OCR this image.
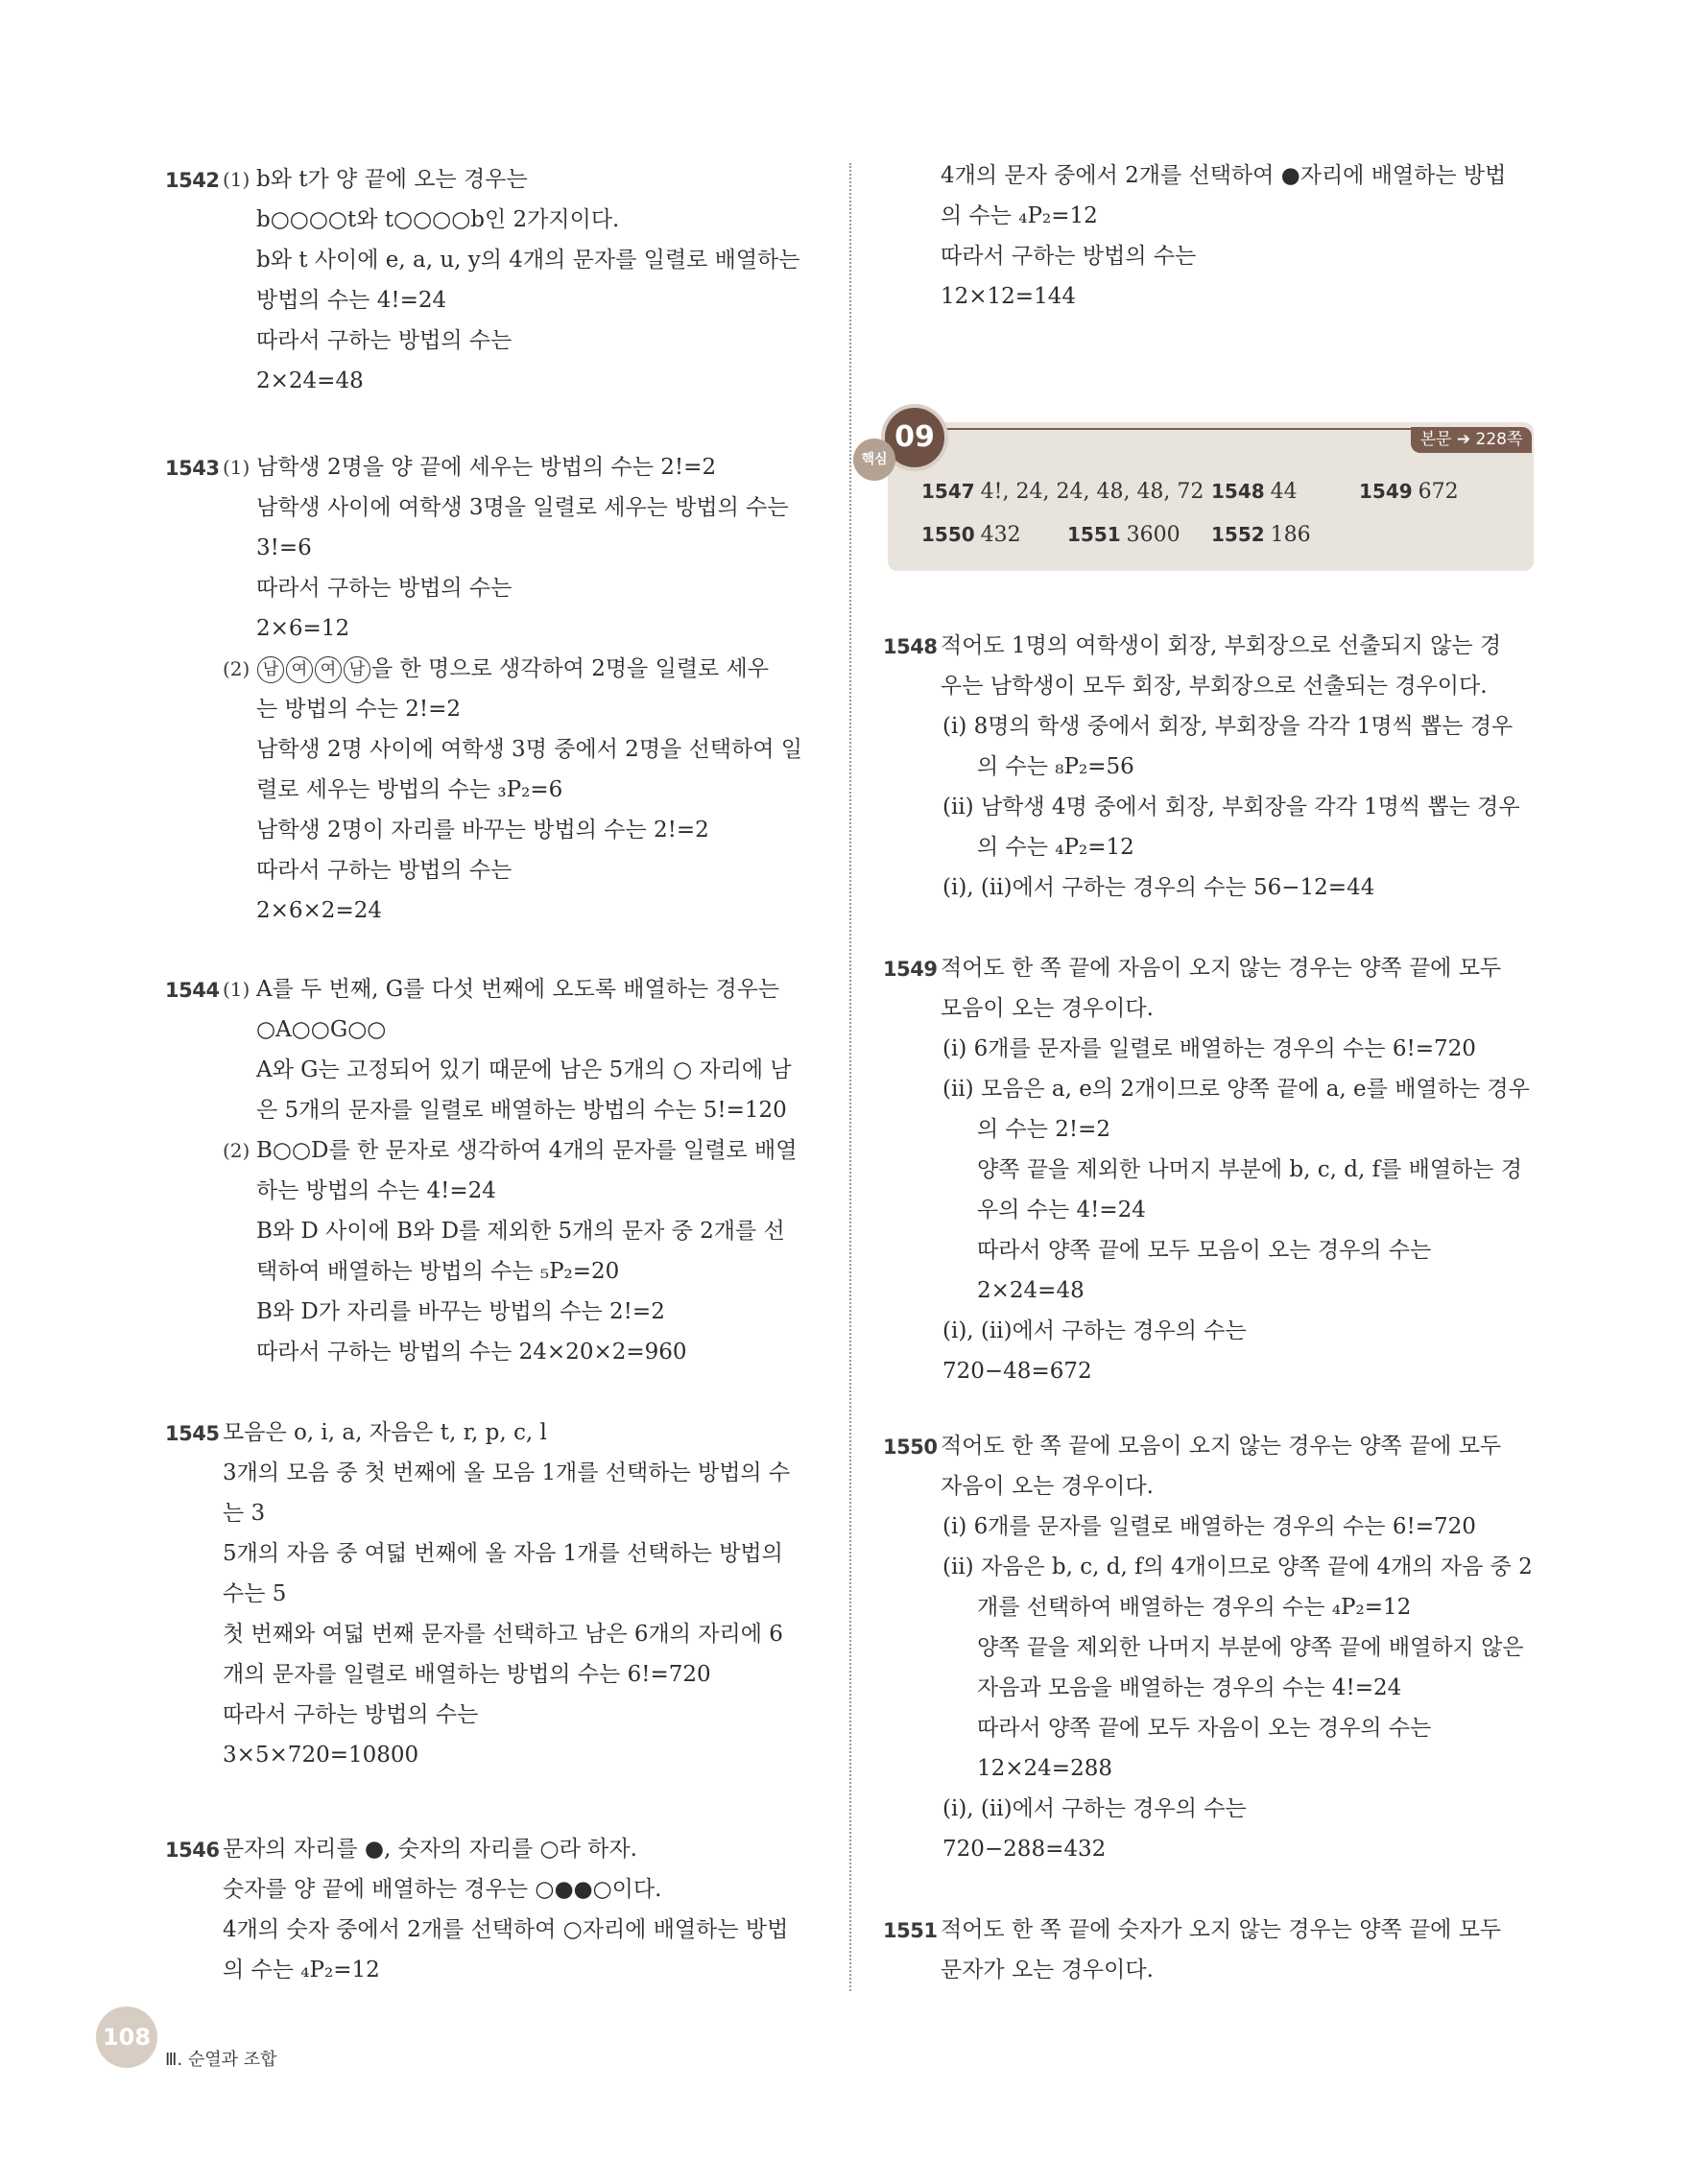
1542 (1) b와 t가 양 끝에 오는 경우는
b○○○○t와 t○○○○b인 2가지이다.
b와 t 사이에 e, a, u, y의 4개의 문자를 일렬로 배열하는
방법의 수는 4!=24
따라서 구하는 방법의 수는
2×24=48
1543 (1) 남학생 2명을 양 끝에 세우는 방법의 수는 2!=2
남학생 사이에 여학생 3명을 일렬로 세우는 방법의 수는
3!=6
따라서 구하는 방법의 수는
2×6=12
(2) 남 여 여 남 을 한 명으로 생각하여 2명을 일렬로 세우
는 방법의 수는 2!=2
남학생 2명 사이에 여학생 3명 중에서 2명을 선택하여 일
렬로 세우는 방법의 수는 ₃P₂=6
남학생 2명이 자리를 바꾸는 방법의 수는 2!=2
따라서 구하는 방법의 수는
2×6×2=24
1544 (1) A를 두 번째, G를 다섯 번째에 오도록 배열하는 경우는
○A○○G○○
A와 G는 고정되어 있기 때문에 남은 5개의 ○ 자리에 남
은 5개의 문자를 일렬로 배열하는 방법의 수는 5!=120
(2) B○○D를 한 문자로 생각하여 4개의 문자를 일렬로 배열
하는 방법의 수는 4!=24
B와 D 사이에 B와 D를 제외한 5개의 문자 중 2개를 선
택하여 배열하는 방법의 수는 ₅P₂=20
B와 D가 자리를 바꾸는 방법의 수는 2!=2
따라서 구하는 방법의 수는 24×20×2=960
1545 모음은 o, i, a, 자음은 t, r, p, c, l
3개의 모음 중 첫 번째에 올 모음 1개를 선택하는 방법의 수
는 3
5개의 자음 중 여덟 번째에 올 자음 1개를 선택하는 방법의
수는 5
첫 번째와 여덟 번째 문자를 선택하고 남은 6개의 자리에 6
개의 문자를 일렬로 배열하는 방법의 수는 6!=720
따라서 구하는 방법의 수는
3×5×720=10800
1546 문자의 자리를 ●, 숫자의 자리를 ○라 하자.
숫자를 양 끝에 배열하는 경우는 ○●●○이다.
4개의 숫자 중에서 2개를 선택하여 ○자리에 배열하는 방법
의 수는 ₄P₂=12
4개의 문자 중에서 2개를 선택하여 ●자리에 배열하는 방법
의 수는 ₄P₂=12
따라서 구하는 방법의 수는
12×12=144
본문 ➔ 228쪽
09
핵심
1547 4!, 24, 24, 48, 48, 72 1548 44	1549 672
1550 432 1551 3600 1552 186
1548 적어도 1명의 여학생이 회장, 부회장으로 선출되지 않는 경
우는 남학생이 모두 회장, 부회장으로 선출되는 경우이다.
(ⅰ) 8명의 학생 중에서 회장, 부회장을 각각 1명씩 뽑는 경우
의 수는 ₈P₂=56
(ⅱ) 남학생 4명 중에서 회장, 부회장을 각각 1명씩 뽑는 경우
의 수는 ₄P₂=12
(ⅰ), (ⅱ)에서 구하는 경우의 수는 56−12=44
1549 적어도 한 쪽 끝에 자음이 오지 않는 경우는 양쪽 끝에 모두
모음이 오는 경우이다.
(ⅰ) 6개를 문자를 일렬로 배열하는 경우의 수는 6!=720
(ⅱ) 모음은 a, e의 2개이므로 양쪽 끝에 a, e를 배열하는 경우
의 수는 2!=2
양쪽 끝을 제외한 나머지 부분에 b, c, d, f를 배열하는 경
우의 수는 4!=24
따라서 양쪽 끝에 모두 모음이 오는 경우의 수는
2×24=48
(ⅰ), (ⅱ)에서 구하는 경우의 수는
720−48=672
1550 적어도 한 쪽 끝에 모음이 오지 않는 경우는 양쪽 끝에 모두
자음이 오는 경우이다.
(ⅰ) 6개를 문자를 일렬로 배열하는 경우의 수는 6!=720
(ⅱ) 자음은 b, c, d, f의 4개이므로 양쪽 끝에 4개의 자음 중 2
개를 선택하여 배열하는 경우의 수는 ₄P₂=12
양쪽 끝을 제외한 나머지 부분에 양쪽 끝에 배열하지 않은
자음과 모음을 배열하는 경우의 수는 4!=24
따라서 양쪽 끝에 모두 자음이 오는 경우의 수는
12×24=288
(ⅰ), (ⅱ)에서 구하는 경우의 수는
720−288=432
1551 적어도 한 쪽 끝에 숫자가 오지 않는 경우는 양쪽 끝에 모두
문자가 오는 경우이다.
108
Ⅲ. 순열과 조합
